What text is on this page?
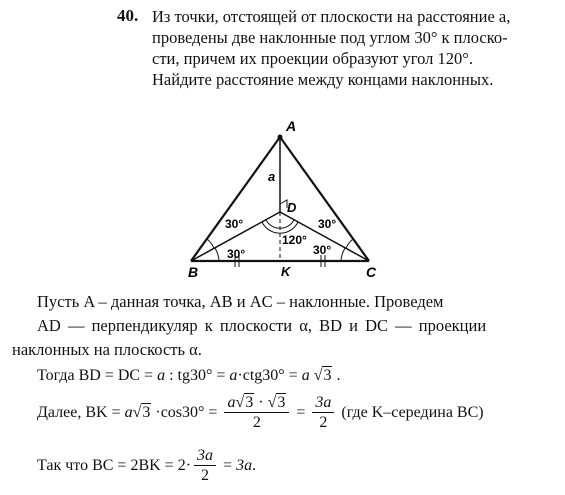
40. Из точки, отстоящей от плоскости на расстояние a,
проведены две наклонные под углом 30° к плоско-
сти, причем их проекции образуют угол 120°.
Найдите расстояние между концами наклонных.
A
B	C
D
K
a
30°	30°
30°	30°
120°
Пусть A – данная точка, AB и AC – наклонные. Проведем
AD — перпендикуляр к плоскости α, BD и DC — проекции
наклонных на плоскость α.
Тогда BD = DC = a : tg30° = a·ctg30° = a √3 .
Далее, BK =
a √ $3 \cdot\cos 30^\circ = \frac{a√3 \cdot √3}{2} = \frac{3a}{2} (где$ K–середина BC)
Так что BC = $2BK = 2\cdot \frac{3a}{2} = 3a$ .
